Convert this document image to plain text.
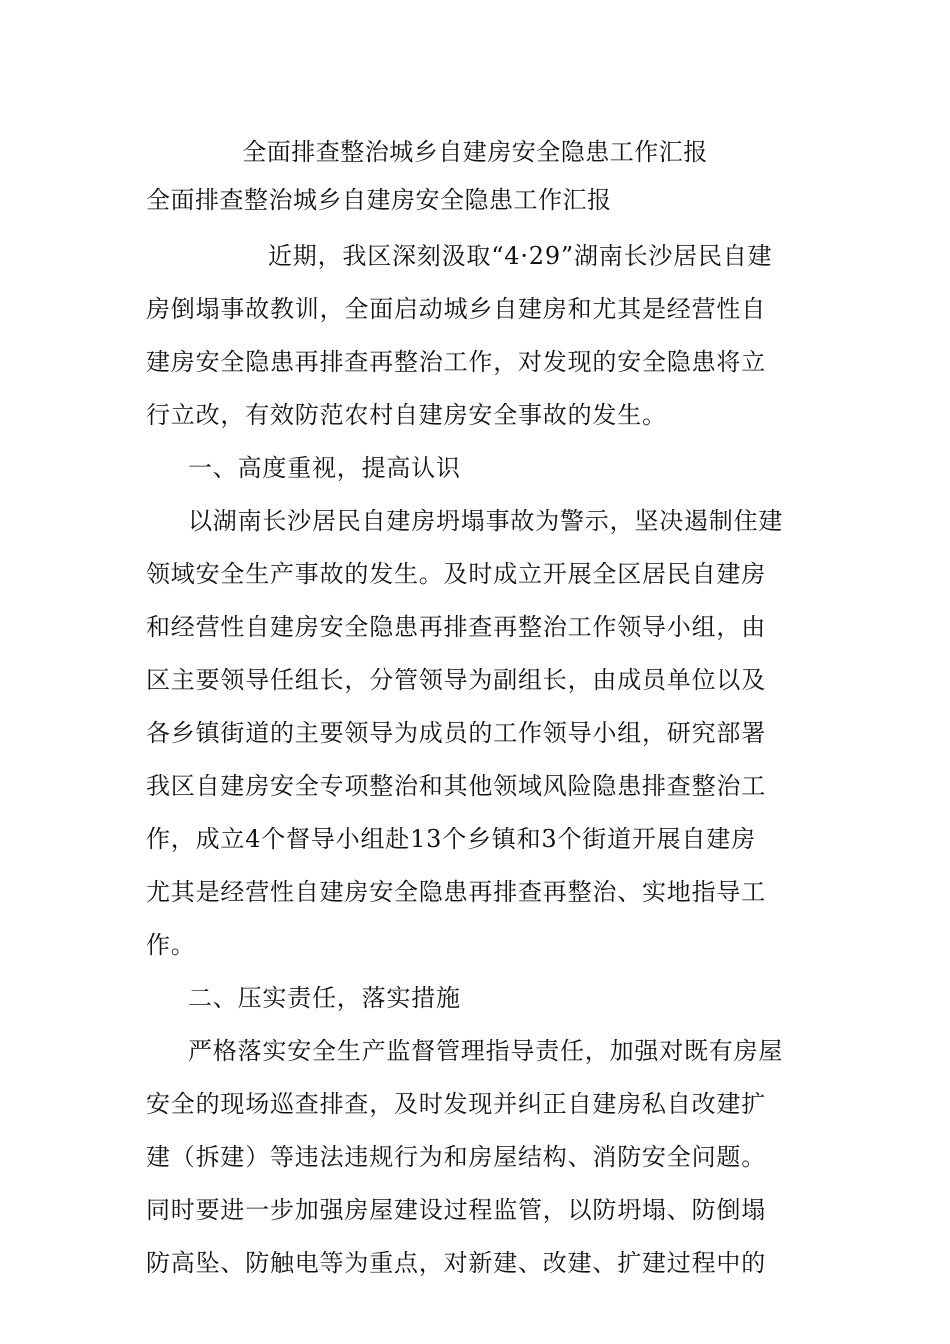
全面排查整治城乡自建房安全隐患工作汇报
全面排查整治城乡自建房安全隐患工作汇报
近期，我区深刻汲取“4·29”湖南长沙居民自建
房倒塌事故教训，全面启动城乡自建房和尤其是经营性自
建房安全隐患再排查再整治工作，对发现的安全隐患将立
行立改，有效防范农村自建房安全事故的发生。
一、高度重视，提高认识
以湖南长沙居民自建房坍塌事故为警示，坚决遏制住建
领域安全生产事故的发生。及时成立开展全区居民自建房
和经营性自建房安全隐患再排查再整治工作领导小组，由
区主要领导任组长，分管领导为副组长，由成员单位以及
各乡镇街道的主要领导为成员的工作领导小组，研究部署
我区自建房安全专项整治和其他领域风险隐患排查整治工
作，成立4个督导小组赴13个乡镇和3个街道开展自建房
尤其是经营性自建房安全隐患再排查再整治、实地指导工
作。
二、压实责任，落实措施
严格落实安全生产监督管理指导责任，加强对既有房屋
安全的现场巡查排查，及时发现并纠正自建房私自改建扩
建（拆建）等违法违规行为和房屋结构、消防安全问题。
同时要进一步加强房屋建设过程监管，以防坍塌、防倒塌
防高坠、防触电等为重点，对新建、改建、扩建过程中的
